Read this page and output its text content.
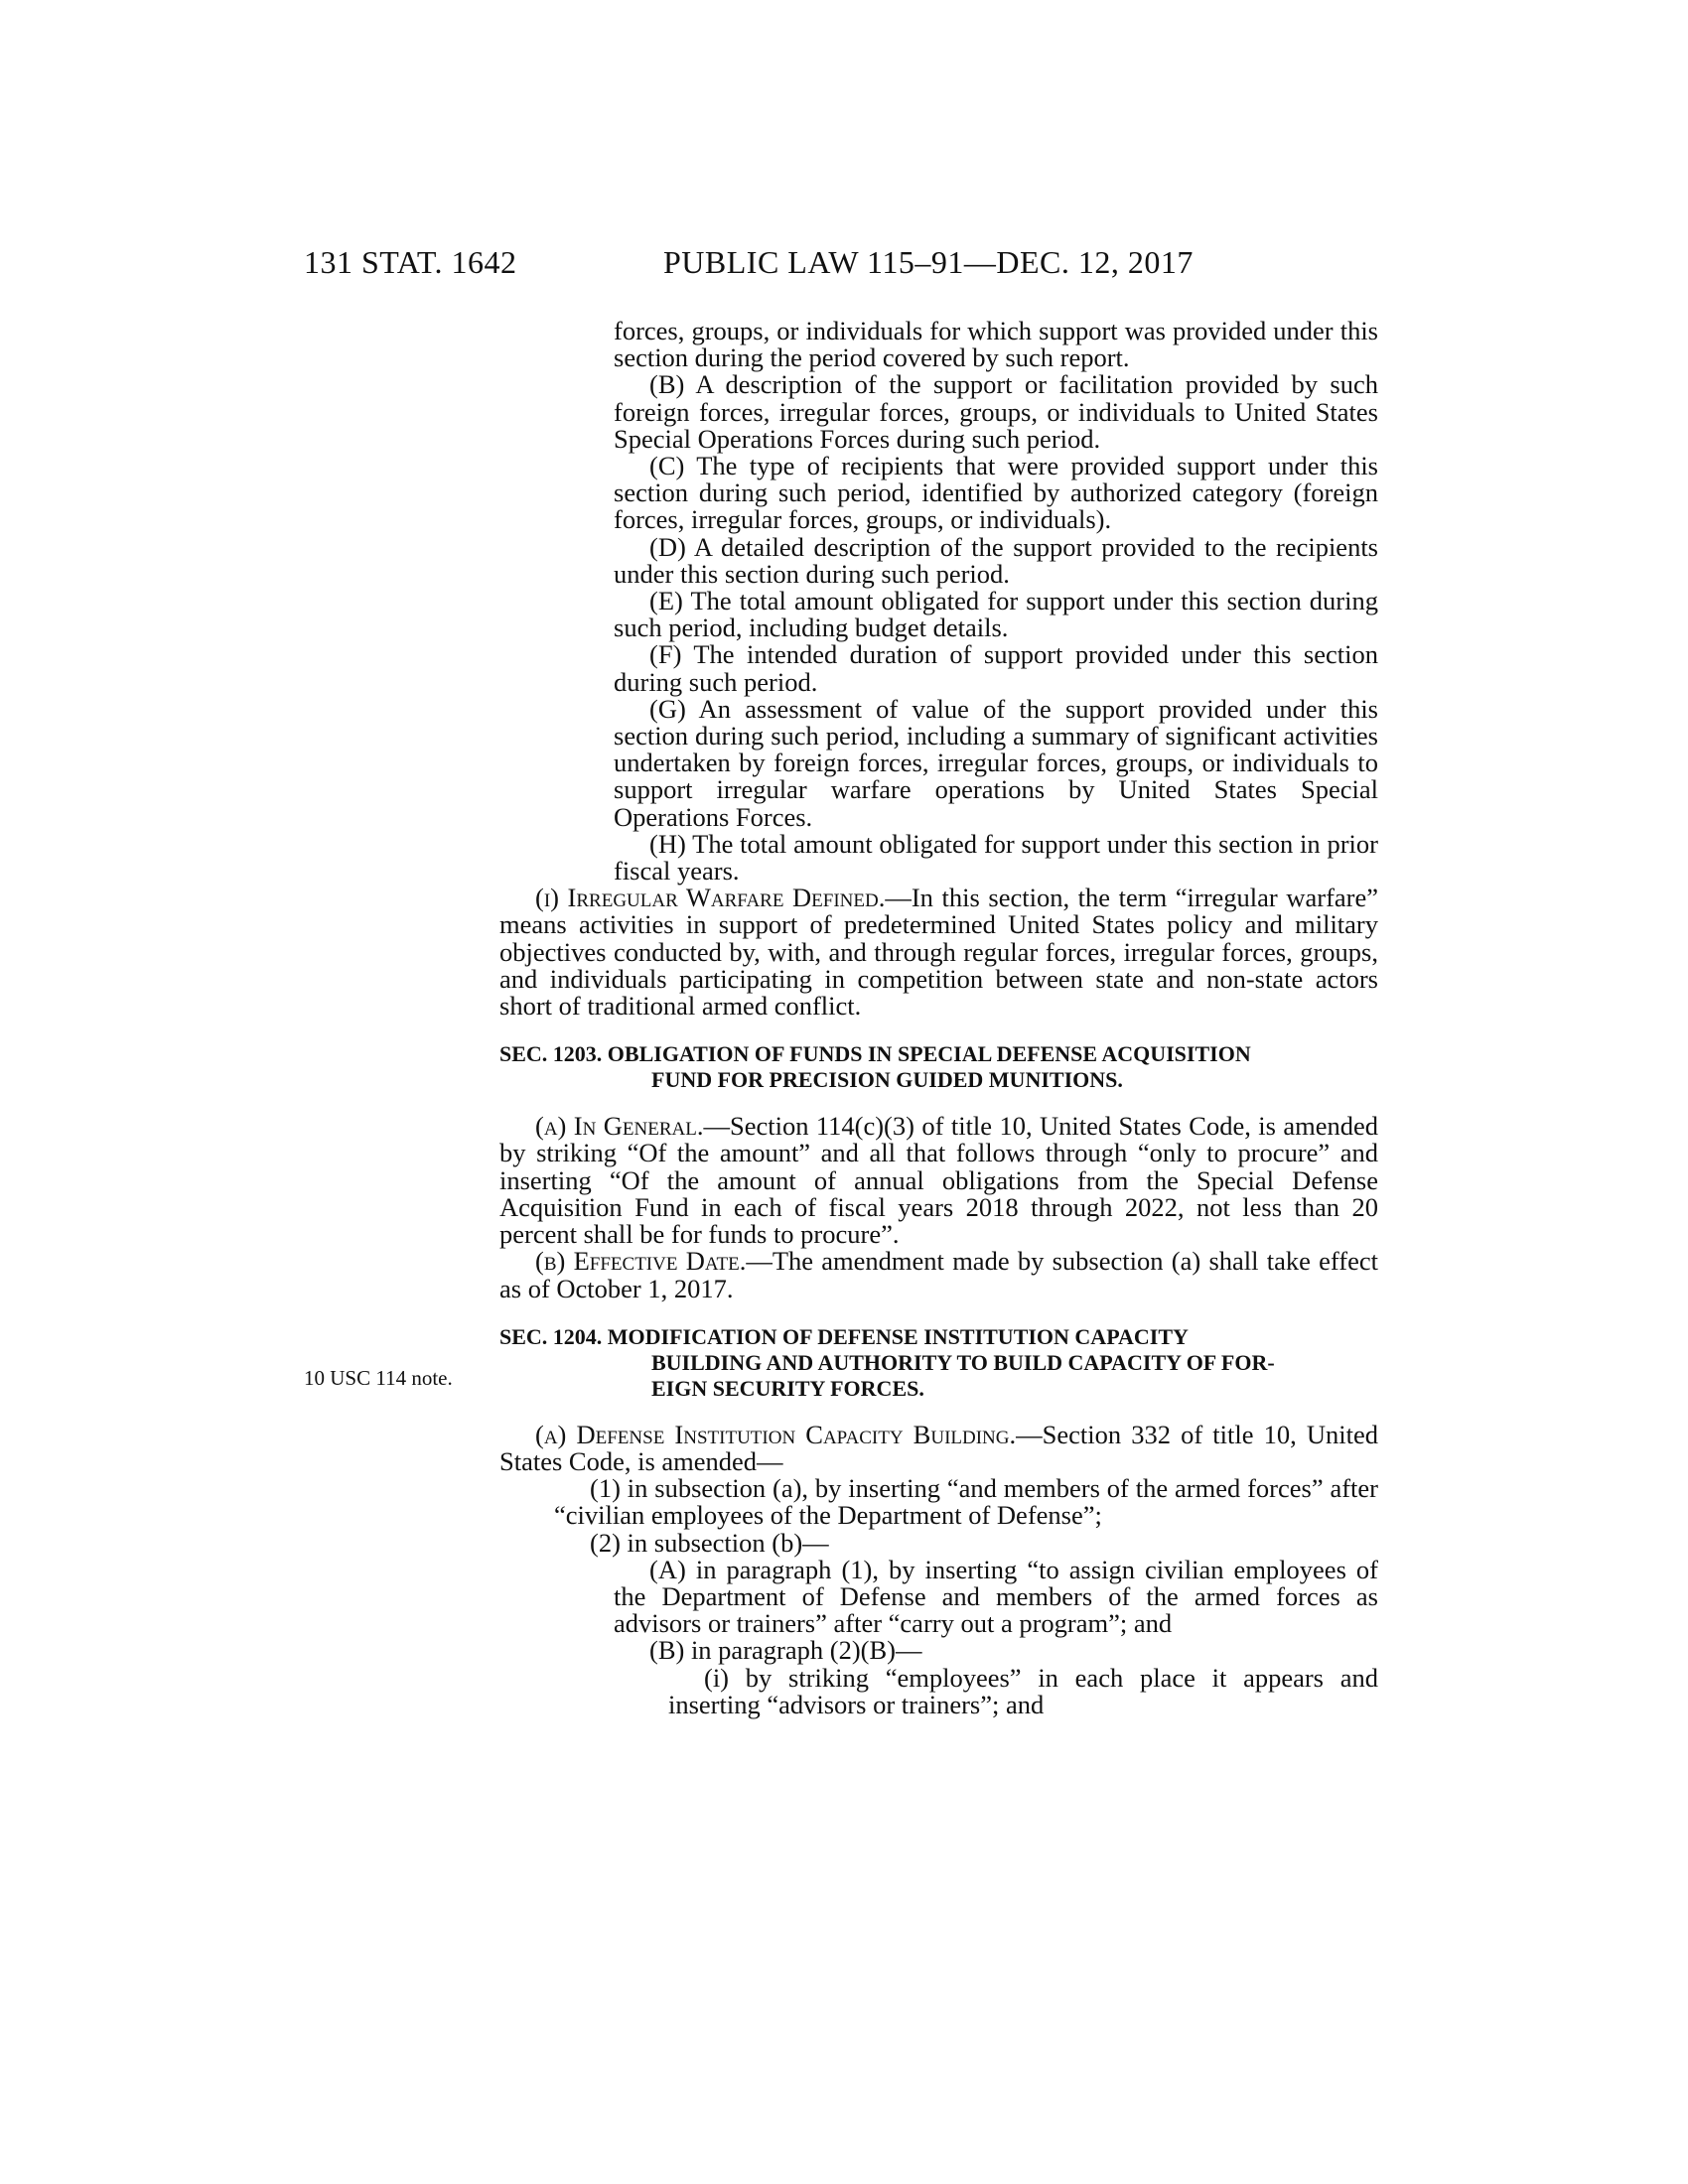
131 STAT. 1642	PUBLIC LAW 115–91—DEC. 12, 2017
10 USC 114 note.

forces, groups, or individuals for which support was provided under this section during the period covered by such report.

(B) A description of the support or facilitation provided by such foreign forces, irregular forces, groups, or individuals to United States Special Operations Forces during such period.

(C) The type of recipients that were provided support under this section during such period, identified by authorized category (foreign forces, irregular forces, groups, or individuals).

(D) A detailed description of the support provided to the recipients under this section during such period.

(E) The total amount obligated for support under this section during such period, including budget details.

(F) The intended duration of support provided under this section during such period.

(G) An assessment of value of the support provided under this section during such period, including a summary of significant activities undertaken by foreign forces, irregular forces, groups, or individuals to support irregular warfare operations by United States Special Operations Forces.

(H) The total amount obligated for support under this section in prior fiscal years.

(i) Irregular Warfare Defined.—In this section, the term “irregular warfare” means activities in support of predetermined United States policy and military objectives conducted by, with, and through regular forces, irregular forces, groups, and individuals participating in competition between state and non-state actors short of traditional armed conflict.

SEC. 1203. OBLIGATION OF FUNDS IN SPECIAL DEFENSE ACQUISITION
FUND FOR PRECISION GUIDED MUNITIONS.

(a) In General.—Section 114(c)(3) of title 10, United States Code, is amended by striking “Of the amount” and all that follows through “only to procure” and inserting “Of the amount of annual obligations from the Special Defense Acquisition Fund in each of fiscal years 2018 through 2022, not less than 20 percent shall be for funds to procure”.

(b) Effective Date.—The amendment made by subsection (a) shall take effect as of October 1, 2017.

SEC. 1204. MODIFICATION OF DEFENSE INSTITUTION CAPACITY
BUILDING AND AUTHORITY TO BUILD CAPACITY OF FOR-
EIGN SECURITY FORCES.

(a) Defense Institution Capacity Building.—Section 332 of title 10, United States Code, is amended—

(1) in subsection (a), by inserting “and members of the armed forces” after “civilian employees of the Department of Defense”;

(2) in subsection (b)—

(A) in paragraph (1), by inserting “to assign civilian employees of the Department of Defense and members of the armed forces as advisors or trainers” after “carry out a program”; and

(B) in paragraph (2)(B)—

(i) by striking “employees” in each place it appears and inserting “advisors or trainers”; and
